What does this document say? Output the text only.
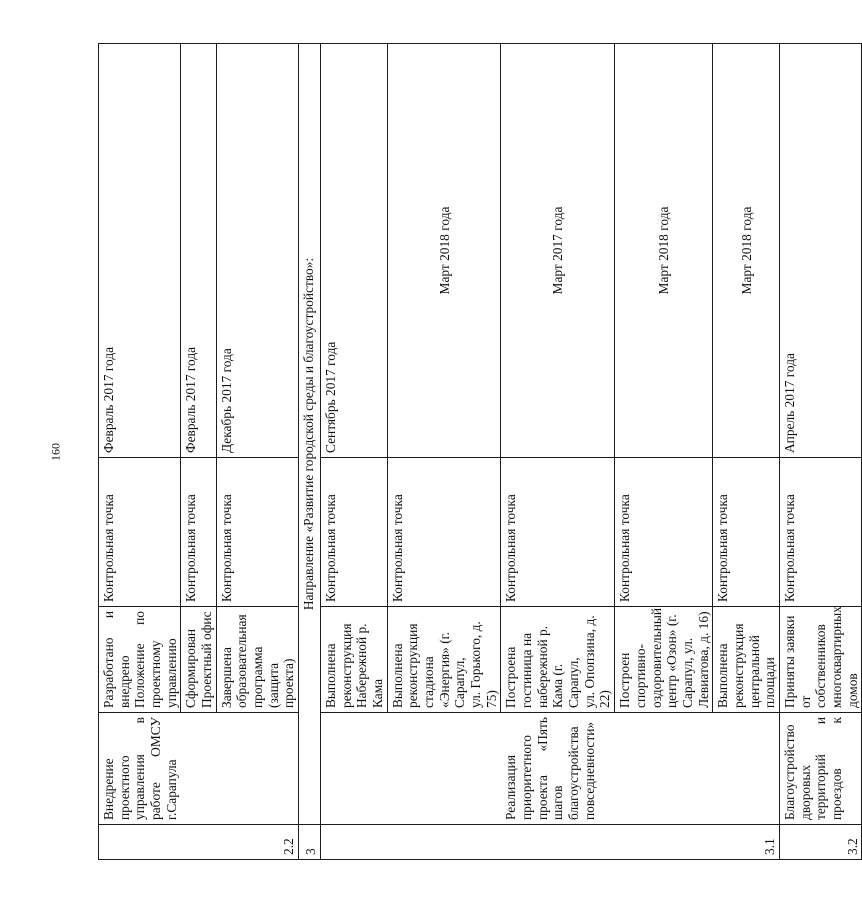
160
2.2	Внедрение проектного управления в работе ОМСУ г.Сарапула	Разработано и внедрено Положение по проектному управлению	Контрольная точка	Февраль 2017 года

		Сформирован Проектный офис	Контрольная точка	Февраль 2017 года

		Завершена образовательная программа (защита проекта)	Контрольная точка	Декабрь 2017 года
3	Направление «Развитие городской среды и благоустройство»:			
3.1	Реализация приоритетного проекта «Пять шагов благоустройства повседневности»	Выполнена реконструкция Набережной р. Кама	Контрольная точка	Сентябрь 2017 года

		Выполнена реконструкция стадиона «Энергия» (г. Сарапул, ул. Горького, д. 75)	Контрольная точка	Март 2018 года

		Построена гостиница на набережной р. Кама (г. Сарапул, ул. Опопзина, д. 22)	Контрольная точка	Март 2017 года

		Построен спортивно- оздоровительный центр «Озон» (г. Сарапул, ул. Левиатова, д. 16)	Контрольная точка	Март 2018 года

		Выполнена реконструкция центральной площади	Контрольная точка	Март 2018 года
3.2	Благоустройство дворовых территорий и проездов к	Приняты заявки от собственников многоквартирных домов	Контрольная точка	Апрель 2017 года
